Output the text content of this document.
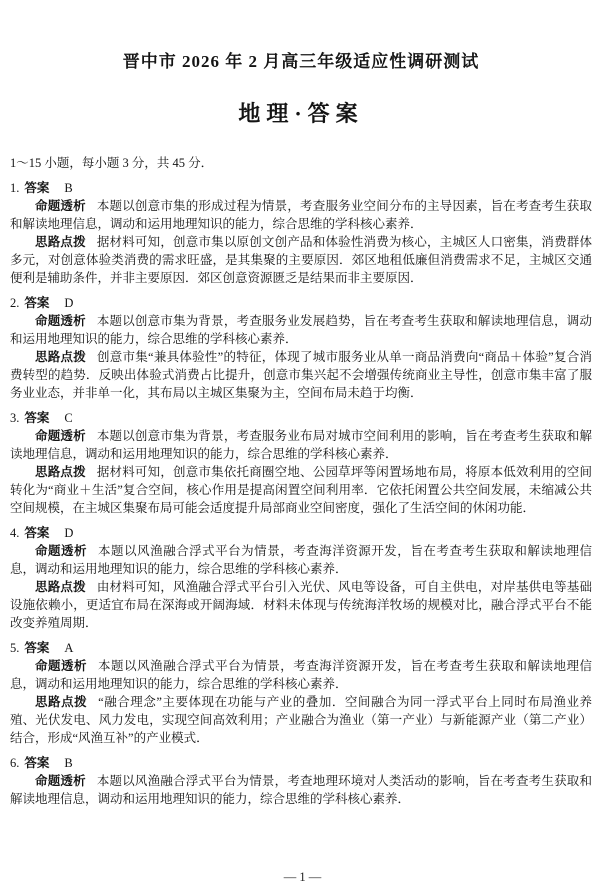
晋中市 2026 年 2 月高三年级适应性调研测试
地理·答案

1～15 小题，每小题 3 分，共 45 分．

1. 答案 B

命题透析 本题以创意市集的形成过程为情景，考查服务业空间分布的主导因素，旨在考查考生获取和解读地理信息，调动和运用地理知识的能力，综合思维的学科核心素养．

思路点拨 据材料可知，创意市集以原创文创产品和体验性消费为核心，主城区人口密集，消费群体多元，对创意体验类消费的需求旺盛，是其集聚的主要原因．郊区地租低廉但消费需求不足，主城区交通便利是辅助条件，并非主要原因．郊区创意资源匮乏是结果而非主要原因．

2. 答案 D

命题透析 本题以创意市集为背景，考查服务业发展趋势，旨在考查考生获取和解读地理信息，调动和运用地理知识的能力，综合思维的学科核心素养．

思路点拨 创意市集“兼具体验性”的特征，体现了城市服务业从单一商品消费向“商品＋体验”复合消费转型的趋势．反映出体验式消费占比提升，创意市集兴起不会增强传统商业主导性，创意市集丰富了服务业业态，并非单一化，其布局以主城区集聚为主，空间布局未趋于均衡．

3. 答案 C

命题透析 本题以创意市集为背景，考查服务业布局对城市空间利用的影响，旨在考查考生获取和解读地理信息，调动和运用地理知识的能力，综合思维的学科核心素养．

思路点拨 据材料可知，创意市集依托商圈空地、公园草坪等闲置场地布局，将原本低效利用的空间转化为“商业＋生活”复合空间，核心作用是提高闲置空间利用率．它依托闲置公共空间发展，未缩减公共空间规模，在主城区集聚布局可能会适度提升局部商业空间密度，强化了生活空间的休闲功能．

4. 答案 D

命题透析 本题以风渔融合浮式平台为情景，考查海洋资源开发，旨在考查考生获取和解读地理信息，调动和运用地理知识的能力，综合思维的学科核心素养．

思路点拨 由材料可知，风渔融合浮式平台引入光伏、风电等设备，可自主供电，对岸基供电等基础设施依赖小，更适宜布局在深海或开阔海域．材料未体现与传统海洋牧场的规模对比，融合浮式平台不能改变养殖周期．

5. 答案 A

命题透析 本题以风渔融合浮式平台为情景，考查海洋资源开发，旨在考查考生获取和解读地理信息，调动和运用地理知识的能力，综合思维的学科核心素养．

思路点拨 “融合理念”主要体现在功能与产业的叠加．空间融合为同一浮式平台上同时布局渔业养殖、光伏发电、风力发电，实现空间高效利用；产业融合为渔业（第一产业）与新能源产业（第二产业）结合，形成“风渔互补”的产业模式．

6. 答案 B

命题透析 本题以风渔融合浮式平台为情景，考查地理环境对人类活动的影响，旨在考查考生获取和解读地理信息，调动和运用地理知识的能力，综合思维的学科核心素养．

— 1 —
